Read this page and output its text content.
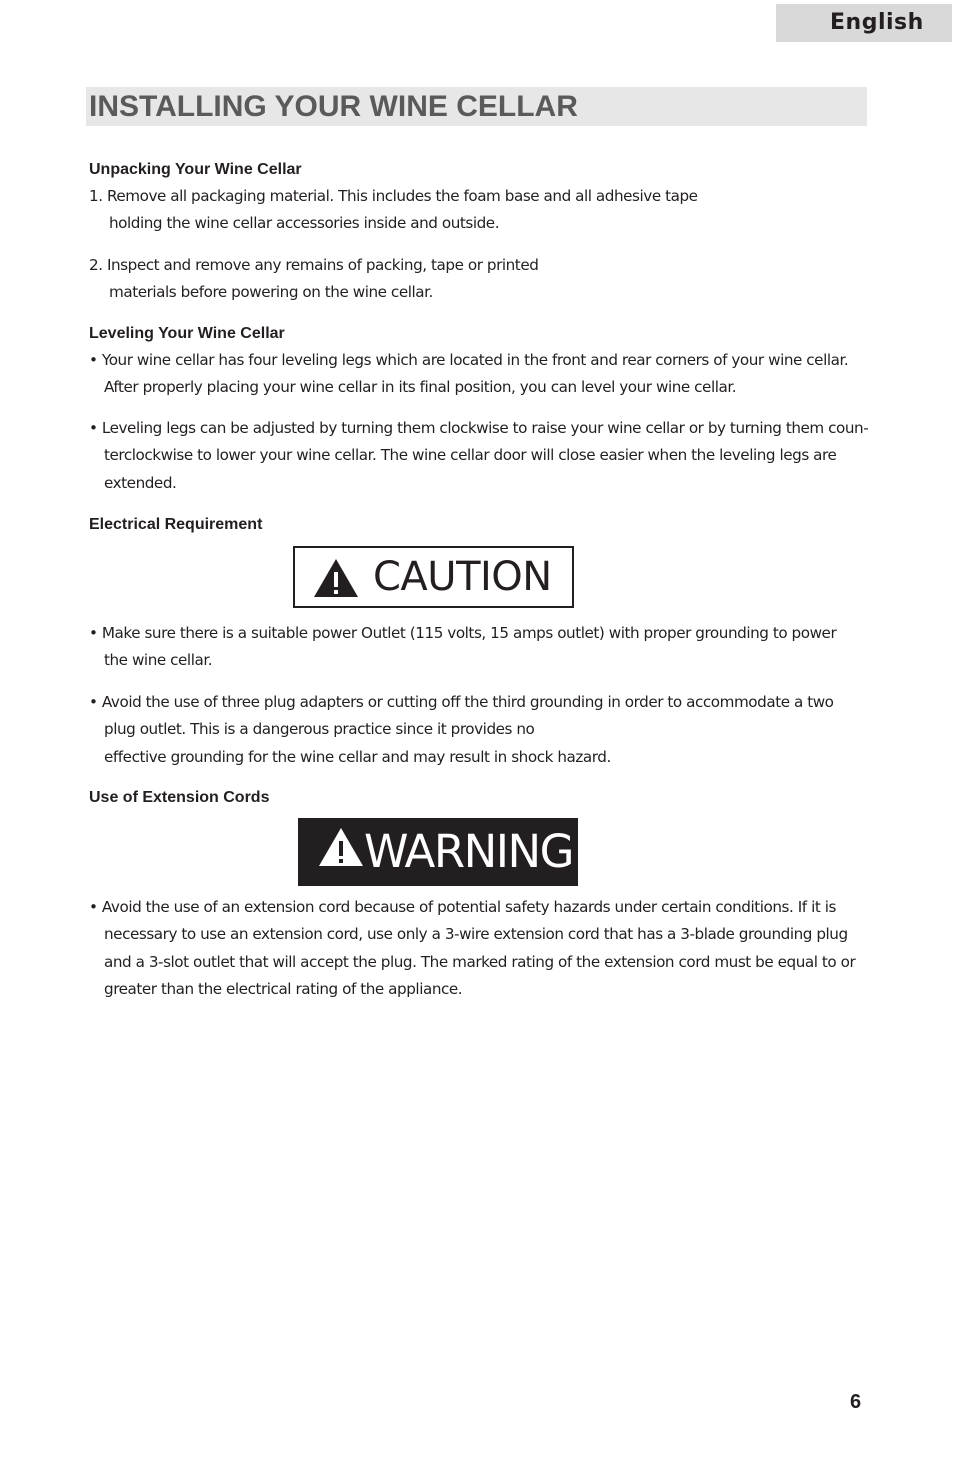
English
INSTALLING YOUR WINE CELLAR
Unpacking Your Wine Cellar

1. Remove all packaging material. This includes the foam base and all adhesive tape
holding the wine cellar accessories inside and outside.

2. Inspect and remove any remains of packing, tape or printed
materials before powering on the wine cellar.

Leveling Your Wine Cellar

• Your wine cellar has four leveling legs which are located in the front and rear corners of your wine cellar.
After properly placing your wine cellar in its final position, you can level your wine cellar.

• Leveling legs can be adjusted by turning them clockwise to raise your wine cellar or by turning them coun-
terclockwise to lower your wine cellar. The wine cellar door will close easier when the leveling legs are
extended.

Electrical Requirement
CAUTION

• Make sure there is a suitable power Outlet (115 volts, 15 amps outlet) with proper grounding to power
the wine cellar.

• Avoid the use of three plug adapters or cutting off the third grounding in order to accommodate a two
plug outlet. This is a dangerous practice since it provides no
effective grounding for the wine cellar and may result in shock hazard.

Use of Extension Cords
WARNING

• Avoid the use of an extension cord because of potential safety hazards under certain conditions. If it is
necessary to use an extension cord, use only a 3-wire extension cord that has a 3-blade grounding plug
and a 3-slot outlet that will accept the plug. The marked rating of the extension cord must be equal to or
greater than the electrical rating of the appliance.

6
